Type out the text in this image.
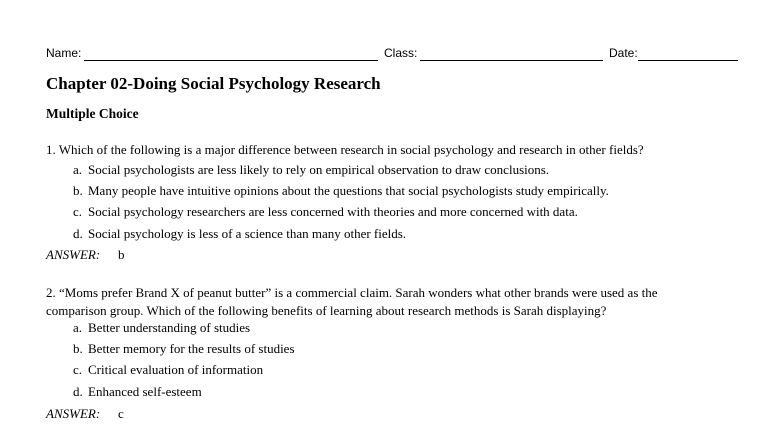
Name:	Class:	Date:
Chapter 02-Doing Social Psychology Research
Multiple Choice
1. Which of the following is a major difference between research in social psychology and research in other fields?
a. Social psychologists are less likely to rely on empirical observation to draw conclusions.
b. Many people have intuitive opinions about the questions that social psychologists study empirically.
c. Social psychology researchers are less concerned with theories and more concerned with data.
d. Social psychology is less of a science than many other fields.
ANSWER: b
2. “Moms prefer Brand X of peanut butter” is a commercial claim. Sarah wonders what other brands were used as the
comparison group. Which of the following benefits of learning about research methods is Sarah displaying?
a. Better understanding of studies
b. Better memory for the results of studies
c. Critical evaluation of information
d. Enhanced self-esteem
ANSWER: c
